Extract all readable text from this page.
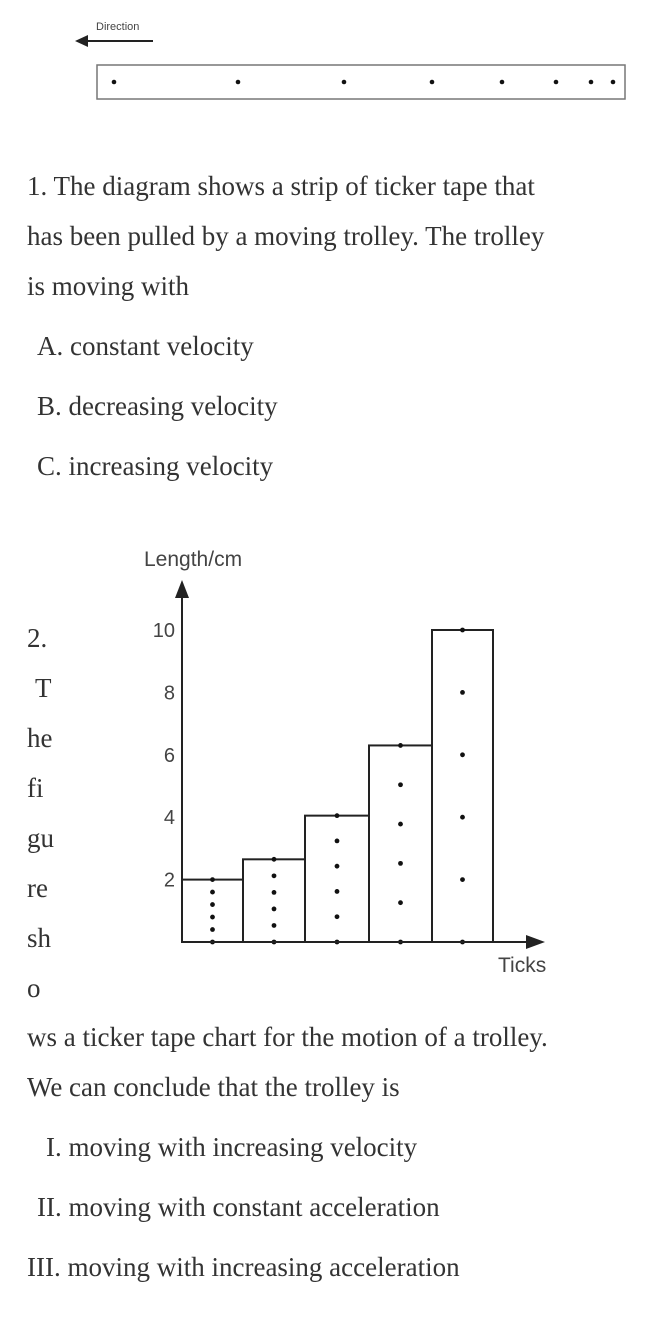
Direction
1. The diagram shows a strip of ticker tape that
has been pulled by a moving trolley. The trolley
is moving with
A. constant velocity
B. decreasing velocity
C. increasing velocity
Length/cm
Ticks
2
4
6
8
10
2.
T
he
fi
gu
re
sh
o
ws a ticker tape chart for the motion of a trolley.
We can conclude that the trolley is
I. moving with increasing velocity
II. moving with constant acceleration
III. moving with increasing acceleration
